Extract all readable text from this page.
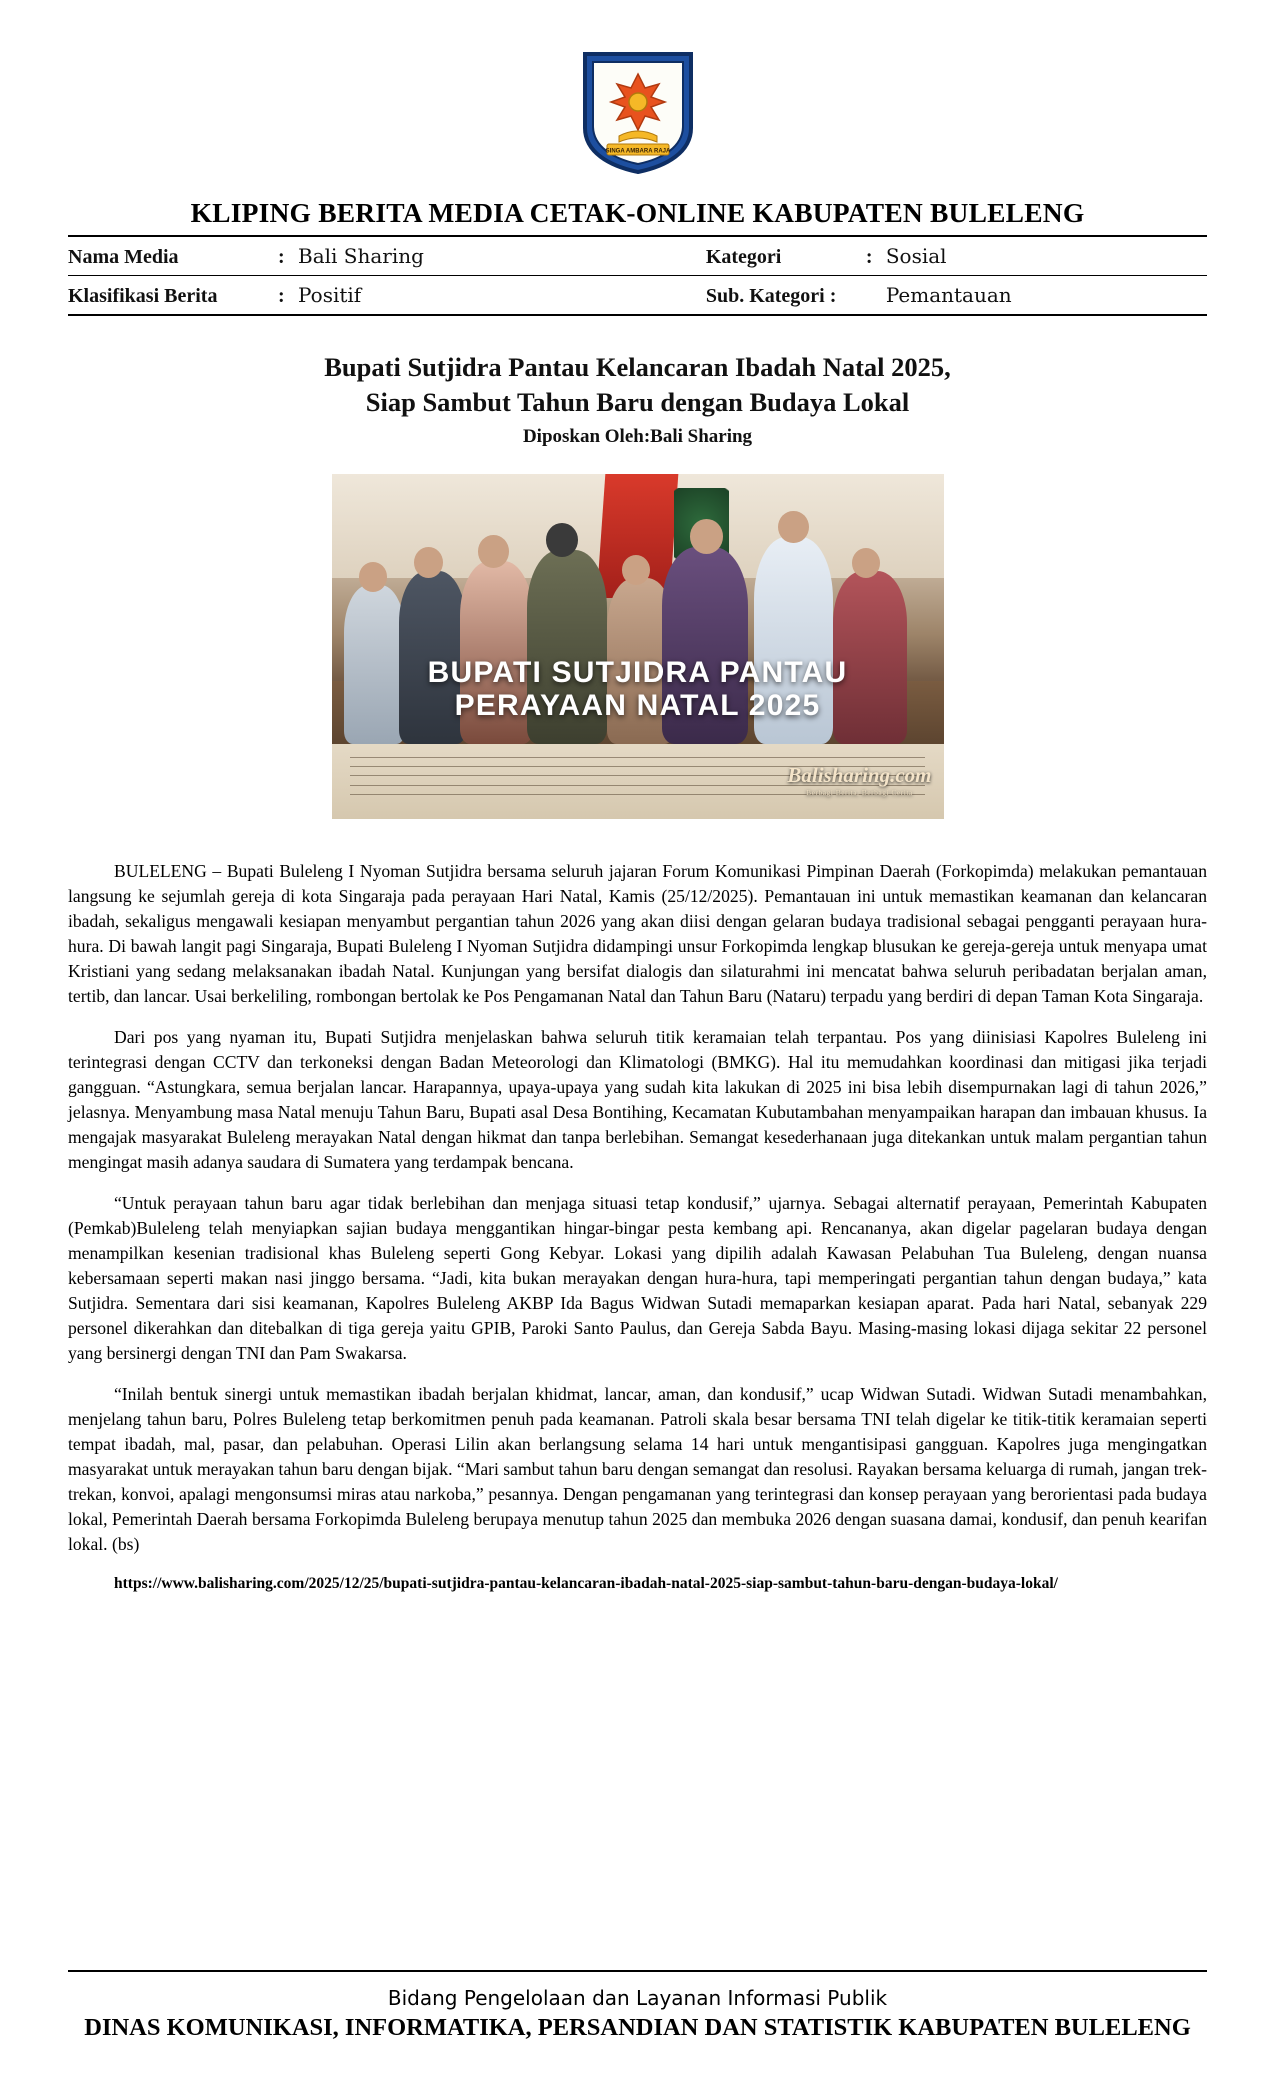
SINGA AMBARA RAJA
KLIPING BERITA MEDIA CETAK-ONLINE KABUPATEN BULELENG
Nama Media	: Bali Sharing	Kategori	: Sosial
Klasifikasi Berita	: Positif	Sub. Kategori :	Pemantauan
Bupati Sutjidra Pantau Kelancaran Ibadah Natal 2025,
Siap Sambut Tahun Baru dengan Budaya Lokal
Diposkan Oleh:Bali Sharing
BUPATI SUTJIDRA PANTAU
PERAYAAN NATAL 2025
Balisharing.com
Berbagi Berita, Berbagi Cerita

BULELENG – Bupati Buleleng I Nyoman Sutjidra bersama seluruh jajaran Forum Komunikasi Pimpinan Daerah (Forkopimda) melakukan pemantauan langsung ke sejumlah gereja di kota Singaraja pada perayaan Hari Natal, Kamis (25/12/2025). Pemantauan ini untuk memastikan keamanan dan kelancaran ibadah, sekaligus mengawali kesiapan menyambut pergantian tahun 2026 yang akan diisi dengan gelaran budaya tradisional sebagai pengganti perayaan hura-hura. Di bawah langit pagi Singaraja, Bupati Buleleng I Nyoman Sutjidra didampingi unsur Forkopimda lengkap blusukan ke gereja-gereja untuk menyapa umat Kristiani yang sedang melaksanakan ibadah Natal. Kunjungan yang bersifat dialogis dan silaturahmi ini mencatat bahwa seluruh peribadatan berjalan aman, tertib, dan lancar. Usai berkeliling, rombongan bertolak ke Pos Pengamanan Natal dan Tahun Baru (Nataru) terpadu yang berdiri di depan Taman Kota Singaraja.

Dari pos yang nyaman itu, Bupati Sutjidra menjelaskan bahwa seluruh titik keramaian telah terpantau. Pos yang diinisiasi Kapolres Buleleng ini terintegrasi dengan CCTV dan terkoneksi dengan Badan Meteorologi dan Klimatologi (BMKG). Hal itu memudahkan koordinasi dan mitigasi jika terjadi gangguan. “Astungkara, semua berjalan lancar. Harapannya, upaya-upaya yang sudah kita lakukan di 2025 ini bisa lebih disempurnakan lagi di tahun 2026,” jelasnya. Menyambung masa Natal menuju Tahun Baru, Bupati asal Desa Bontihing, Kecamatan Kubutambahan menyampaikan harapan dan imbauan khusus. Ia mengajak masyarakat Buleleng merayakan Natal dengan hikmat dan tanpa berlebihan. Semangat kesederhanaan juga ditekankan untuk malam pergantian tahun mengingat masih adanya saudara di Sumatera yang terdampak bencana.

“Untuk perayaan tahun baru agar tidak berlebihan dan menjaga situasi tetap kondusif,” ujarnya. Sebagai alternatif perayaan, Pemerintah Kabupaten (Pemkab)Buleleng telah menyiapkan sajian budaya menggantikan hingar-bingar pesta kembang api. Rencananya, akan digelar pagelaran budaya dengan menampilkan kesenian tradisional khas Buleleng seperti Gong Kebyar. Lokasi yang dipilih adalah Kawasan Pelabuhan Tua Buleleng, dengan nuansa kebersamaan seperti makan nasi jinggo bersama. “Jadi, kita bukan merayakan dengan hura-hura, tapi memperingati pergantian tahun dengan budaya,” kata Sutjidra. Sementara dari sisi keamanan, Kapolres Buleleng AKBP Ida Bagus Widwan Sutadi memaparkan kesiapan aparat. Pada hari Natal, sebanyak 229 personel dikerahkan dan ditebalkan di tiga gereja yaitu GPIB, Paroki Santo Paulus, dan Gereja Sabda Bayu. Masing-masing lokasi dijaga sekitar 22 personel yang bersinergi dengan TNI dan Pam Swakarsa.

“Inilah bentuk sinergi untuk memastikan ibadah berjalan khidmat, lancar, aman, dan kondusif,” ucap Widwan Sutadi. Widwan Sutadi menambahkan, menjelang tahun baru, Polres Buleleng tetap berkomitmen penuh pada keamanan. Patroli skala besar bersama TNI telah digelar ke titik-titik keramaian seperti tempat ibadah, mal, pasar, dan pelabuhan. Operasi Lilin akan berlangsung selama 14 hari untuk mengantisipasi gangguan. Kapolres juga mengingatkan masyarakat untuk merayakan tahun baru dengan bijak. “Mari sambut tahun baru dengan semangat dan resolusi. Rayakan bersama keluarga di rumah, jangan trek-trekan, konvoi, apalagi mengonsumsi miras atau narkoba,” pesannya. Dengan pengamanan yang terintegrasi dan konsep perayaan yang berorientasi pada budaya lokal, Pemerintah Daerah bersama Forkopimda Buleleng berupaya menutup tahun 2025 dan membuka 2026 dengan suasana damai, kondusif, dan penuh kearifan lokal. (bs)

https://www.balisharing.com/2025/12/25/bupati-sutjidra-pantau-kelancaran-ibadah-natal-2025-siap-sambut-tahun-baru-dengan-budaya-lokal/

Bidang Pengelolaan dan Layanan Informasi Publik
DINAS KOMUNIKASI, INFORMATIKA, PERSANDIAN DAN STATISTIK KABUPATEN BULELENG
